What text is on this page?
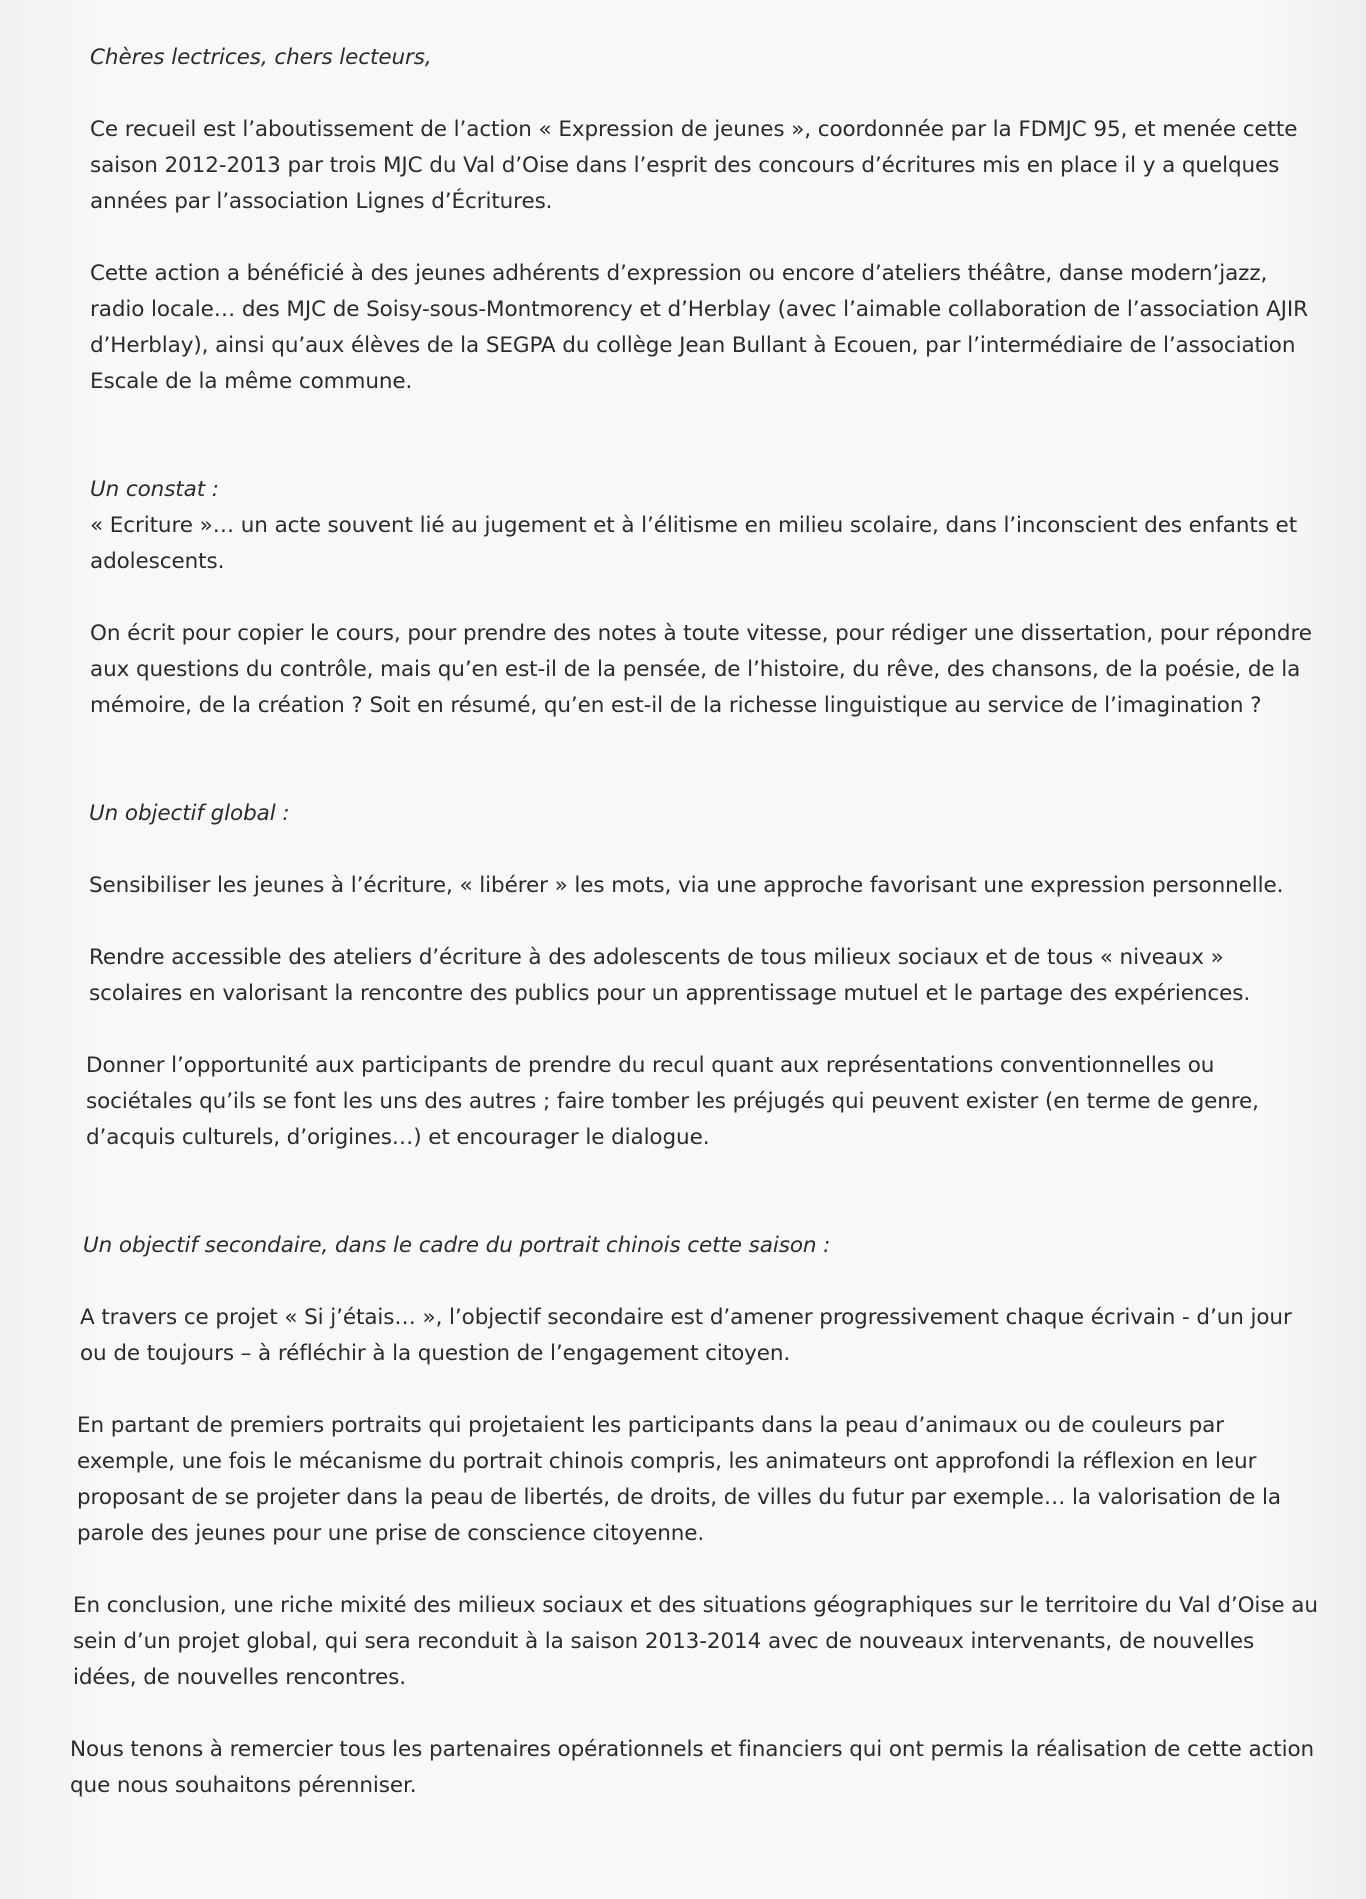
Chères lectrices, chers lecteurs,

Ce recueil est l’aboutissement de l’action « Expression de jeunes », coordonnée par la FDMJC 95, et menée cette saison 2012-2013 par trois MJC du Val d’Oise dans l’esprit des concours d’écritures mis en place il y a quelques années par l’association Lignes d’Écritures.

Cette action a bénéficié à des jeunes adhérents d’expression ou encore d’ateliers théâtre, danse modern’jazz, radio locale… des MJC de Soisy-sous-Montmorency et d’Herblay (avec l’aimable collaboration de l’association AJIR d’Herblay), ainsi qu’aux élèves de la SEGPA du collège Jean Bullant à Ecouen, par l’intermédiaire de l’association Escale de la même commune.

Un constat :

« Ecriture »… un acte souvent lié au jugement et à l’élitisme en milieu scolaire, dans l’inconscient des enfants et adolescents.

On écrit pour copier le cours, pour prendre des notes à toute vitesse, pour rédiger une dissertation, pour répondre aux questions du contrôle, mais qu’en est-il de la pensée, de l’histoire, du rêve, des chansons, de la poésie, de la mémoire, de la création ? Soit en résumé, qu’en est-il de la richesse linguistique au service de l’imagination ?

Un objectif global :

Sensibiliser les jeunes à l’écriture, « libérer » les mots, via une approche favorisant une expression personnelle.

Rendre accessible des ateliers d’écriture à des adolescents de tous milieux sociaux et de tous « niveaux » scolaires en valorisant la rencontre des publics pour un apprentissage mutuel et le partage des expériences.

Donner l’opportunité aux participants de prendre du recul quant aux représentations conventionnelles ou sociétales qu’ils se font les uns des autres ; faire tomber les préjugés qui peuvent exister (en terme de genre, d’acquis culturels, d’origines…) et encourager le dialogue.

Un objectif secondaire, dans le cadre du portrait chinois cette saison :

A travers ce projet « Si j’étais… », l’objectif secondaire est d’amener progressivement chaque écrivain - d’un jour ou de toujours – à réfléchir à la question de l’engagement citoyen.

En partant de premiers portraits qui projetaient les participants dans la peau d’animaux ou de couleurs par exemple, une fois le mécanisme du portrait chinois compris, les animateurs ont approfondi la réflexion en leur proposant de se projeter dans la peau de libertés, de droits, de villes du futur par exemple… la valorisation de la parole des jeunes pour une prise de conscience citoyenne.

En conclusion, une riche mixité des milieux sociaux et des situations géographiques sur le territoire du Val d’Oise au sein d’un projet global, qui sera reconduit à la saison 2013-2014 avec de nouveaux intervenants, de nouvelles idées, de nouvelles rencontres.

Nous tenons à remercier tous les partenaires opérationnels et financiers qui ont permis la réalisation de cette action que nous souhaitons pérenniser.
